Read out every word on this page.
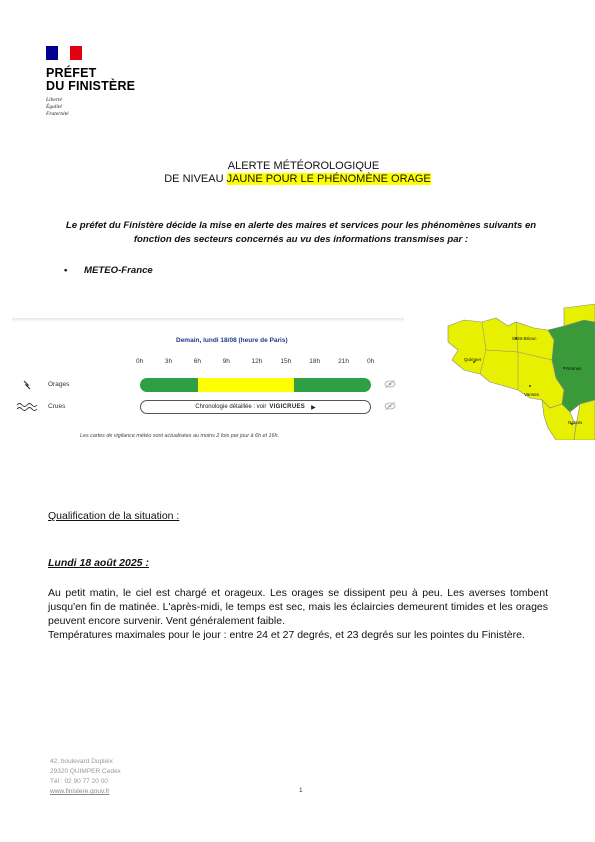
PRÉFET
DU FINISTÈRE
Liberté
Égalité
Fraternité
ALERTE MÉTÉOROLOGIQUE
DE NIVEAU JAUNE POUR LE PHÉNOMÈNE ORAGE
Le préfet du Finistère décide la mise en alerte des maires et services pour les phénomènes suivants en fonction des secteurs concernés au vu des informations transmises par :
• METEO-France
Demain, lundi 18/08 (heure de Paris)
0h	3h	6h	9h	12h	15h	18h	21h	0h
Orages
Crues	Chronologie détaillée : voir VIGICRUES ▶
Les cartes de vigilance météo sont actualisées au moins 2 fois par jour à 6h et 16h.
Saint-Brieuc
Quimper
Vannes
Rennes
Nantes
Qualification de la situation :
Lundi 18 août 2025 :

Au petit matin, le ciel est chargé et orageux. Les orages se dissipent peu à peu. Les averses tombent jusqu'en fin de matinée. L'après-midi, le temps est sec, mais les éclaircies demeurent timides et les orages peuvent encore survenir. Vent généralement faible.

Températures maximales pour le jour : entre 24 et 27 degrés, et 23 degrés sur les pointes du Finistère.

42, boulevard Dupleix
29320 QUIMPER Cedex
Tél : 02 90 77 20 00
www.finistere.gouv.fr	1
